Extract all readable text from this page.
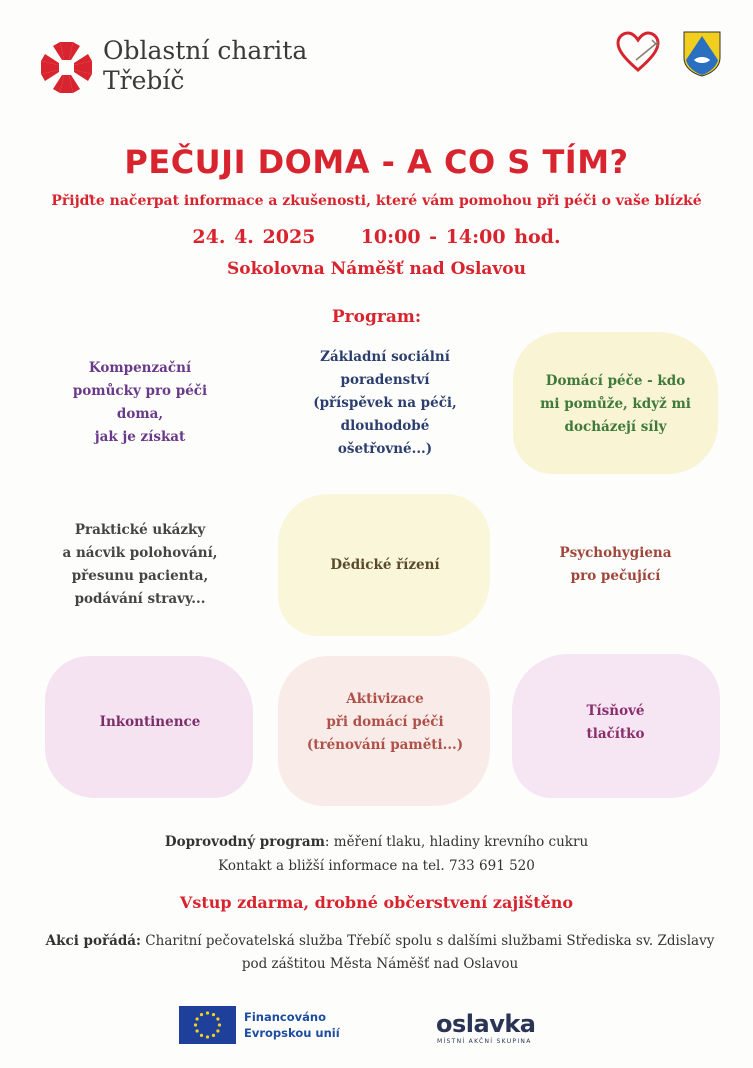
Oblastní charita
Třebíč
PEČUJI DOMA - A CO S TÍM?
Přijďte načerpat informace a zkušenosti, které vám pomohou při péči o vaše blízké
24. 4. 2025 10:00 - 14:00 hod.
Sokolovna Náměšť nad Oslavou
Program:
Kompenzační
pomůcky pro péči
doma,
jak je získat
Základní sociální
poradenství
(příspěvek na péči,
dlouhodobé
ošetřovné...)
Domácí péče - kdo
mi pomůže, když mi
docházejí síly
Praktické ukázky
a nácvik polohování,
přesunu pacienta,
podávání stravy...
Dědické řízení
Psychohygiena
pro pečující
Inkontinence
Aktivizace
při domácí péči
(trénování paměti...)
Tísňové
tlačítko
Doprovodný program: měření tlaku, hladiny krevního cukru
Kontakt a bližší informace na tel. 733 691 520
Vstup zdarma, drobné občerstvení zajištěno
Akci pořádá: Charitní pečovatelská služba Třebíč spolu s dalšími službami Střediska sv. Zdislavy
pod záštitou Města Náměšť nad Oslavou
Financováno
Evropskou unií	oslavka
MÍSTNÍ AKČNÍ SKUPINA
